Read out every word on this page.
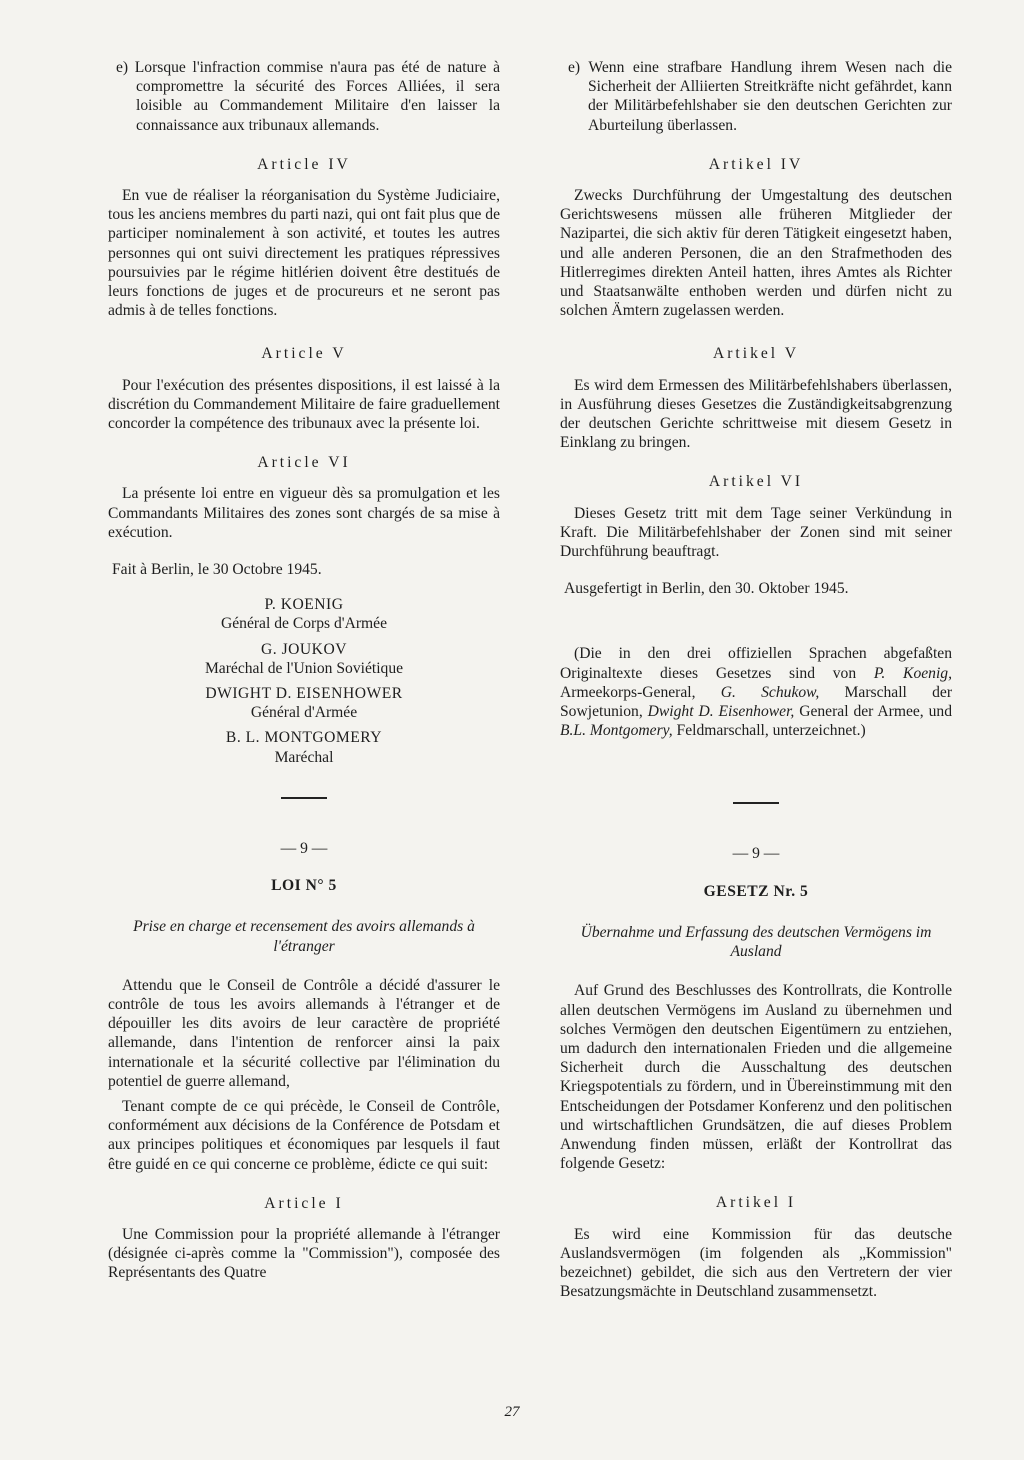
e) Lorsque l'infraction commise n'aura pas été de nature à compromettre la sécurité des Forces Alliées, il sera loisible au Commandement Militaire d'en laisser la connaissance aux tribunaux allemands.

Article IV

En vue de réaliser la réorganisation du Système Judiciaire, tous les anciens membres du parti nazi, qui ont fait plus que de participer nominalement à son activité, et toutes les autres personnes qui ont suivi directement les pratiques répressives poursuivies par le régime hitlérien doivent être destitués de leurs fonctions de juges et de procureurs et ne seront pas admis à de telles fonctions.

Article V

Pour l'exécution des présentes dispositions, il est laissé à la discrétion du Commandement Militaire de faire graduellement concorder la compétence des tribunaux avec la présente loi.

Article VI

La présente loi entre en vigueur dès sa promulgation et les Commandants Militaires des zones sont chargés de sa mise à exécution.

Fait à Berlin, le 30 Octobre 1945.

P. KOENIG
Général de Corps d'Armée
G. JOUKOV
Maréchal de l'Union Soviétique
DWIGHT D. EISENHOWER
Général d'Armée
B. L. MONTGOMERY
Maréchal
— 9 —
LOI N° 5
Prise en charge et recensement des avoirs allemands à l'étranger

Attendu que le Conseil de Contrôle a décidé d'assurer le contrôle de tous les avoirs allemands à l'étranger et de dépouiller les dits avoirs de leur caractère de propriété allemande, dans l'intention de renforcer ainsi la paix internationale et la sécurité collective par l'élimination du potentiel de guerre allemand,

Tenant compte de ce qui précède, le Conseil de Contrôle, conformément aux décisions de la Conférence de Potsdam et aux principes politiques et économiques par lesquels il faut être guidé en ce qui concerne ce problème, édicte ce qui suit:

Article I

Une Commission pour la propriété allemande à l'étranger (désignée ci-après comme la "Commission"), composée des Représentants des Quatre

e) Wenn eine strafbare Handlung ihrem Wesen nach die Sicherheit der Alliierten Streitkräfte nicht gefährdet, kann der Militärbefehlshaber sie den deutschen Gerichten zur Aburteilung überlassen.

Artikel IV

Zwecks Durchführung der Umgestaltung des deutschen Gerichtswesens müssen alle früheren Mitglieder der Nazipartei, die sich aktiv für deren Tätigkeit eingesetzt haben, und alle anderen Personen, die an den Strafmethoden des Hitlerregimes direkten Anteil hatten, ihres Amtes als Richter und Staatsanwälte enthoben werden und dürfen nicht zu solchen Ämtern zugelassen werden.

Artikel V

Es wird dem Ermessen des Militärbefehlshabers überlassen, in Ausführung dieses Gesetzes die Zuständigkeitsabgrenzung der deutschen Gerichte schrittweise mit diesem Gesetz in Einklang zu bringen.

Artikel VI

Dieses Gesetz tritt mit dem Tage seiner Verkündung in Kraft. Die Militärbefehlshaber der Zonen sind mit seiner Durchführung beauftragt.

Ausgefertigt in Berlin, den 30. Oktober 1945.

(Die in den drei offiziellen Sprachen abgefaßten Originaltexte dieses Gesetzes sind von P. Koenig, Armeekorps-General, G. Schukow, Marschall der Sowjetunion, Dwight D. Eisenhower, General der Armee, und B.L. Montgomery, Feldmarschall, unterzeichnet.)

— 9 —
GESETZ Nr. 5
Übernahme und Erfassung des deutschen Vermögens im Ausland

Auf Grund des Beschlusses des Kontrollrats, die Kontrolle allen deutschen Vermögens im Ausland zu übernehmen und solches Vermögen den deutschen Eigentümern zu entziehen, um dadurch den internationalen Frieden und die allgemeine Sicherheit durch die Ausschaltung des deutschen Kriegspotentials zu fördern, und in Übereinstimmung mit den Entscheidungen der Potsdamer Konferenz und den politischen und wirtschaftlichen Grundsätzen, die auf dieses Problem Anwendung finden müssen, erläßt der Kontrollrat das folgende Gesetz:

Artikel I

Es wird eine Kommission für das deutsche Auslandsvermögen (im folgenden als „Kommission" bezeichnet) gebildet, die sich aus den Vertretern der vier Besatzungsmächte in Deutschland zusammensetzt.

27
